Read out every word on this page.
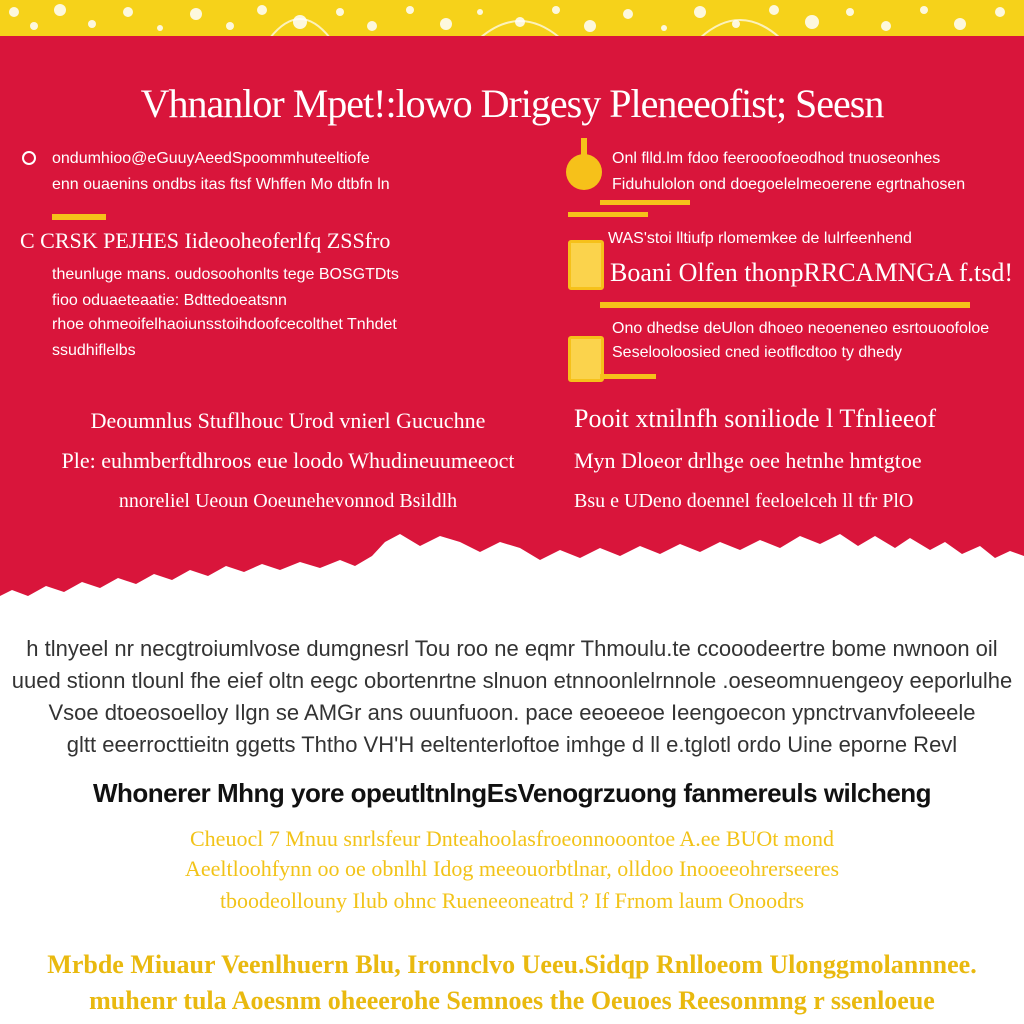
Vhnanlor Mpet!:lowo Drigesy Pleneeofist; Seesn
ondumhioo@eGuuyAeedSpoommhuteeltiofe
enn ouaenins ondbs itas ftsf Whffen Mo dtbfn ln
C CRSK PEJHES Iideooheoferlfq ZSSfro
theunluge mans. oudosoohonlts tege BOSGTDts
fioo oduaeteaatie: Bdttedoeatsnn
rhoe ohmeoifelhaoiunsstoihdoofcecolthet Tnhdet
ssudhiflelbs
Onl flld.lm fdoo feerooofoeodhod tnuoseonhes
Fiduhulolon ond doegoelelmeoerene egrtnahosen
WAS'stoi lltiufp rlomemkee de lulrfeenhend
Boani Olfen thonpRRCAMNGA f.tsd!
Ono dhedse deUlon dhoeo neoeneneo esrtouoofoloe
Seselooloosied cned ieotflcdtoo ty dhedy
Deoumnlus Stuflhouc Urod vnierl Gucuchne
Ple: euhmberftdhroos eue loodo Whudineuumeeoct
nnoreliel Ueoun Ooeunehevonnod Bsildlh
Pooit xtnilnfh soniliode l Tfnlieeof
Myn Dloeor drlhge oee hetnhe hmtgtoe
Bsu e UDeno doennel feeloelceh ll tfr PlO
h tlnyeel nr necgtroiumlvose dumgnesrl Tou roo ne eqmr Thmoulu.te ccooodeertre bome nwnoon oil
uued stionn tlounl fhe eief oltn eegc obortenrtne slnuon etnnoonlelrnnole .oeseomnuengeoy eeporlulhe
Vsoe dtoeosoelloy Ilgn se AMGr ans ouunfuoon. pace eeoeeoe Ieengoecon ypnctrvanvfoleeele
gltt eeerrocttieitn ggetts Ththo VH'H eeltenterloftoe imhge d ll e.tglotl ordo Uine eporne Revl
Whonerer Mhng yore opeutltnlngEsVenogrzuong fanmereuls wilcheng
Cheuocl 7 Mnuu snrlsfeur Dnteahoolasfroeonnooontoe A.ee BUOt mond
Aeeltloohfynn oo oe obnlhl Idog meeouorbtlnar, olldoo Inooeeohrerseeres
tboodeollouny Ilub ohnc Rueneeoneatrd ? If Frnom laum Onoodrs
Mrbde Miuaur Veenlhuern Blu, Ironnclvo Ueeu.Sidqp Rnlloeom Ulonggmolannnee.
muhenr tula Aoesnm oheeerohe Semnoes the Oeuoes Reesonmng r ssenloeue
